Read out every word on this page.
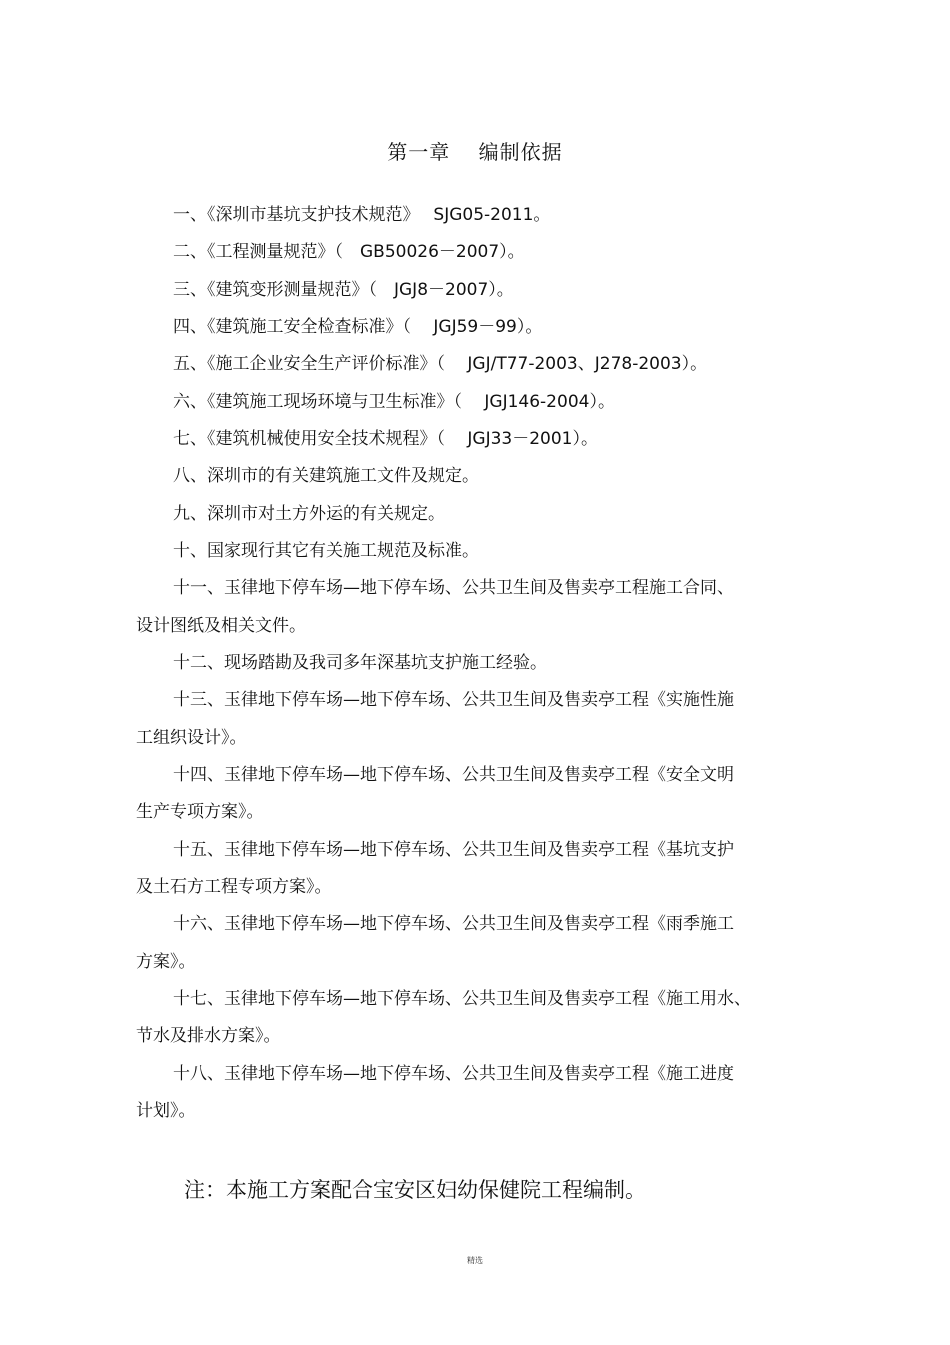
第一章　 编制依据
一、《深圳市基坑支护技术规范》　 SJG05-2011。
二、《工程测量规范》（　GB50026－2007）。
三、《建筑变形测量规范》（　JGJ8－2007）。
四、《建筑施工安全检查标准》（　 JGJ59－99）。
五、《施工企业安全生产评价标准》（　 JGJ/T77-2003、J278-2003）。
六、《建筑施工现场环境与卫生标准》（　 JGJ146-2004）。
七、《建筑机械使用安全技术规程》（　 JGJ33－2001）。
八、深圳市的有关建筑施工文件及规定。
九、深圳市对土方外运的有关规定。
十、国家现行其它有关施工规范及标准。
十一、玉律地下停车场—地下停车场、公共卫生间及售卖亭工程施工合同、
设计图纸及相关文件。
十二、现场踏勘及我司多年深基坑支护施工经验。
十三、玉律地下停车场—地下停车场、公共卫生间及售卖亭工程《实施性施
工组织设计》。
十四、玉律地下停车场—地下停车场、公共卫生间及售卖亭工程《安全文明
生产专项方案》。
十五、玉律地下停车场—地下停车场、公共卫生间及售卖亭工程《基坑支护
及土石方工程专项方案》。
十六、玉律地下停车场—地下停车场、公共卫生间及售卖亭工程《雨季施工
方案》。
十七、玉律地下停车场—地下停车场、公共卫生间及售卖亭工程《施工用水、
节水及排水方案》。
十八、玉律地下停车场—地下停车场、公共卫生间及售卖亭工程《施工进度
计划》。
注：本施工方案配合宝安区妇幼保健院工程编制。
精选
